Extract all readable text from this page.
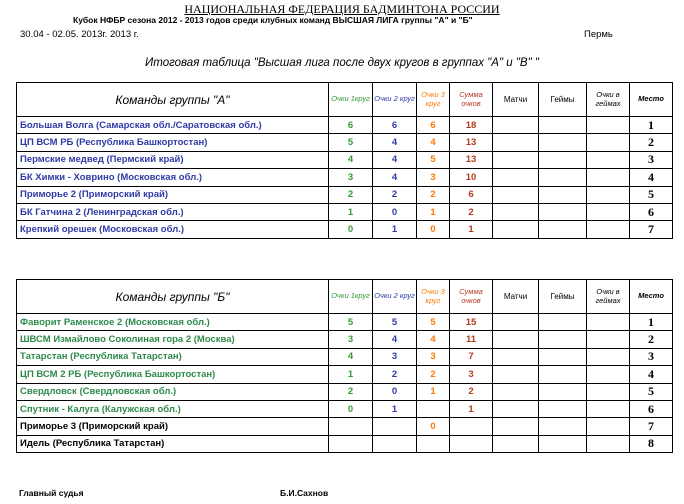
НАЦИОНАЛЬНАЯ ФЕДЕРАЦИЯ БАДМИНТОНА РОССИИ
Кубок НФБР сезона 2012 - 2013 годов среди клубных команд ВЫСШАЯ ЛИГА группы "А" и "Б"
30.04 - 02.05. 2013г. 2013 г.	Пермь
Итоговая таблица "Высшая лига после двух кругов в группах "А" и "В" "
Команды группы "А"	Очки 1круг	Очки 2 круг	Очки 3 круг	Сумма очков	Матчи	Геймы	Очки в геймах	Место
Большая Волга (Самарская обл./Саратовская обл.)	6	6	6	18				1
ЦП ВСМ РБ (Республика Башкортостан)	5	4	4	13				2
Пермские медвед (Пермский край)	4	4	5	13				3
БК Химки - Ховрино (Московская обл.)	3	4	3	10				4
Приморье 2 (Приморский край)	2	2	2	6				5
БК Гатчина 2 (Ленинградская обл.)	1	0	1	2				6
Крепкий орешек (Московская обл.)	0	1	0	1				7
Команды группы "Б"	Очки 1круг	Очки 2 круг	Очки 3 круг	Сумма очков	Матчи	Геймы	Очки в геймах	Место
Фаворит Раменское 2 (Московская обл.)	5	5	5	15				1
ШВСМ Измайлово Соколиная гора 2 (Москва)	3	4	4	11				2
Татарстан (Республика Татарстан)	4	3	3	7				3
ЦП ВСМ 2 РБ (Республика Башкортостан)	1	2	2	3				4
Свердловск (Свердловская обл.)	2	0	1	2				5
Спутник - Калуга (Калужская обл.)	0	1		1				6
Приморье 3 (Приморский край)			0					7
Идель (Республика Татарстан)								8
Главный судья	Б.И.Сахнов
